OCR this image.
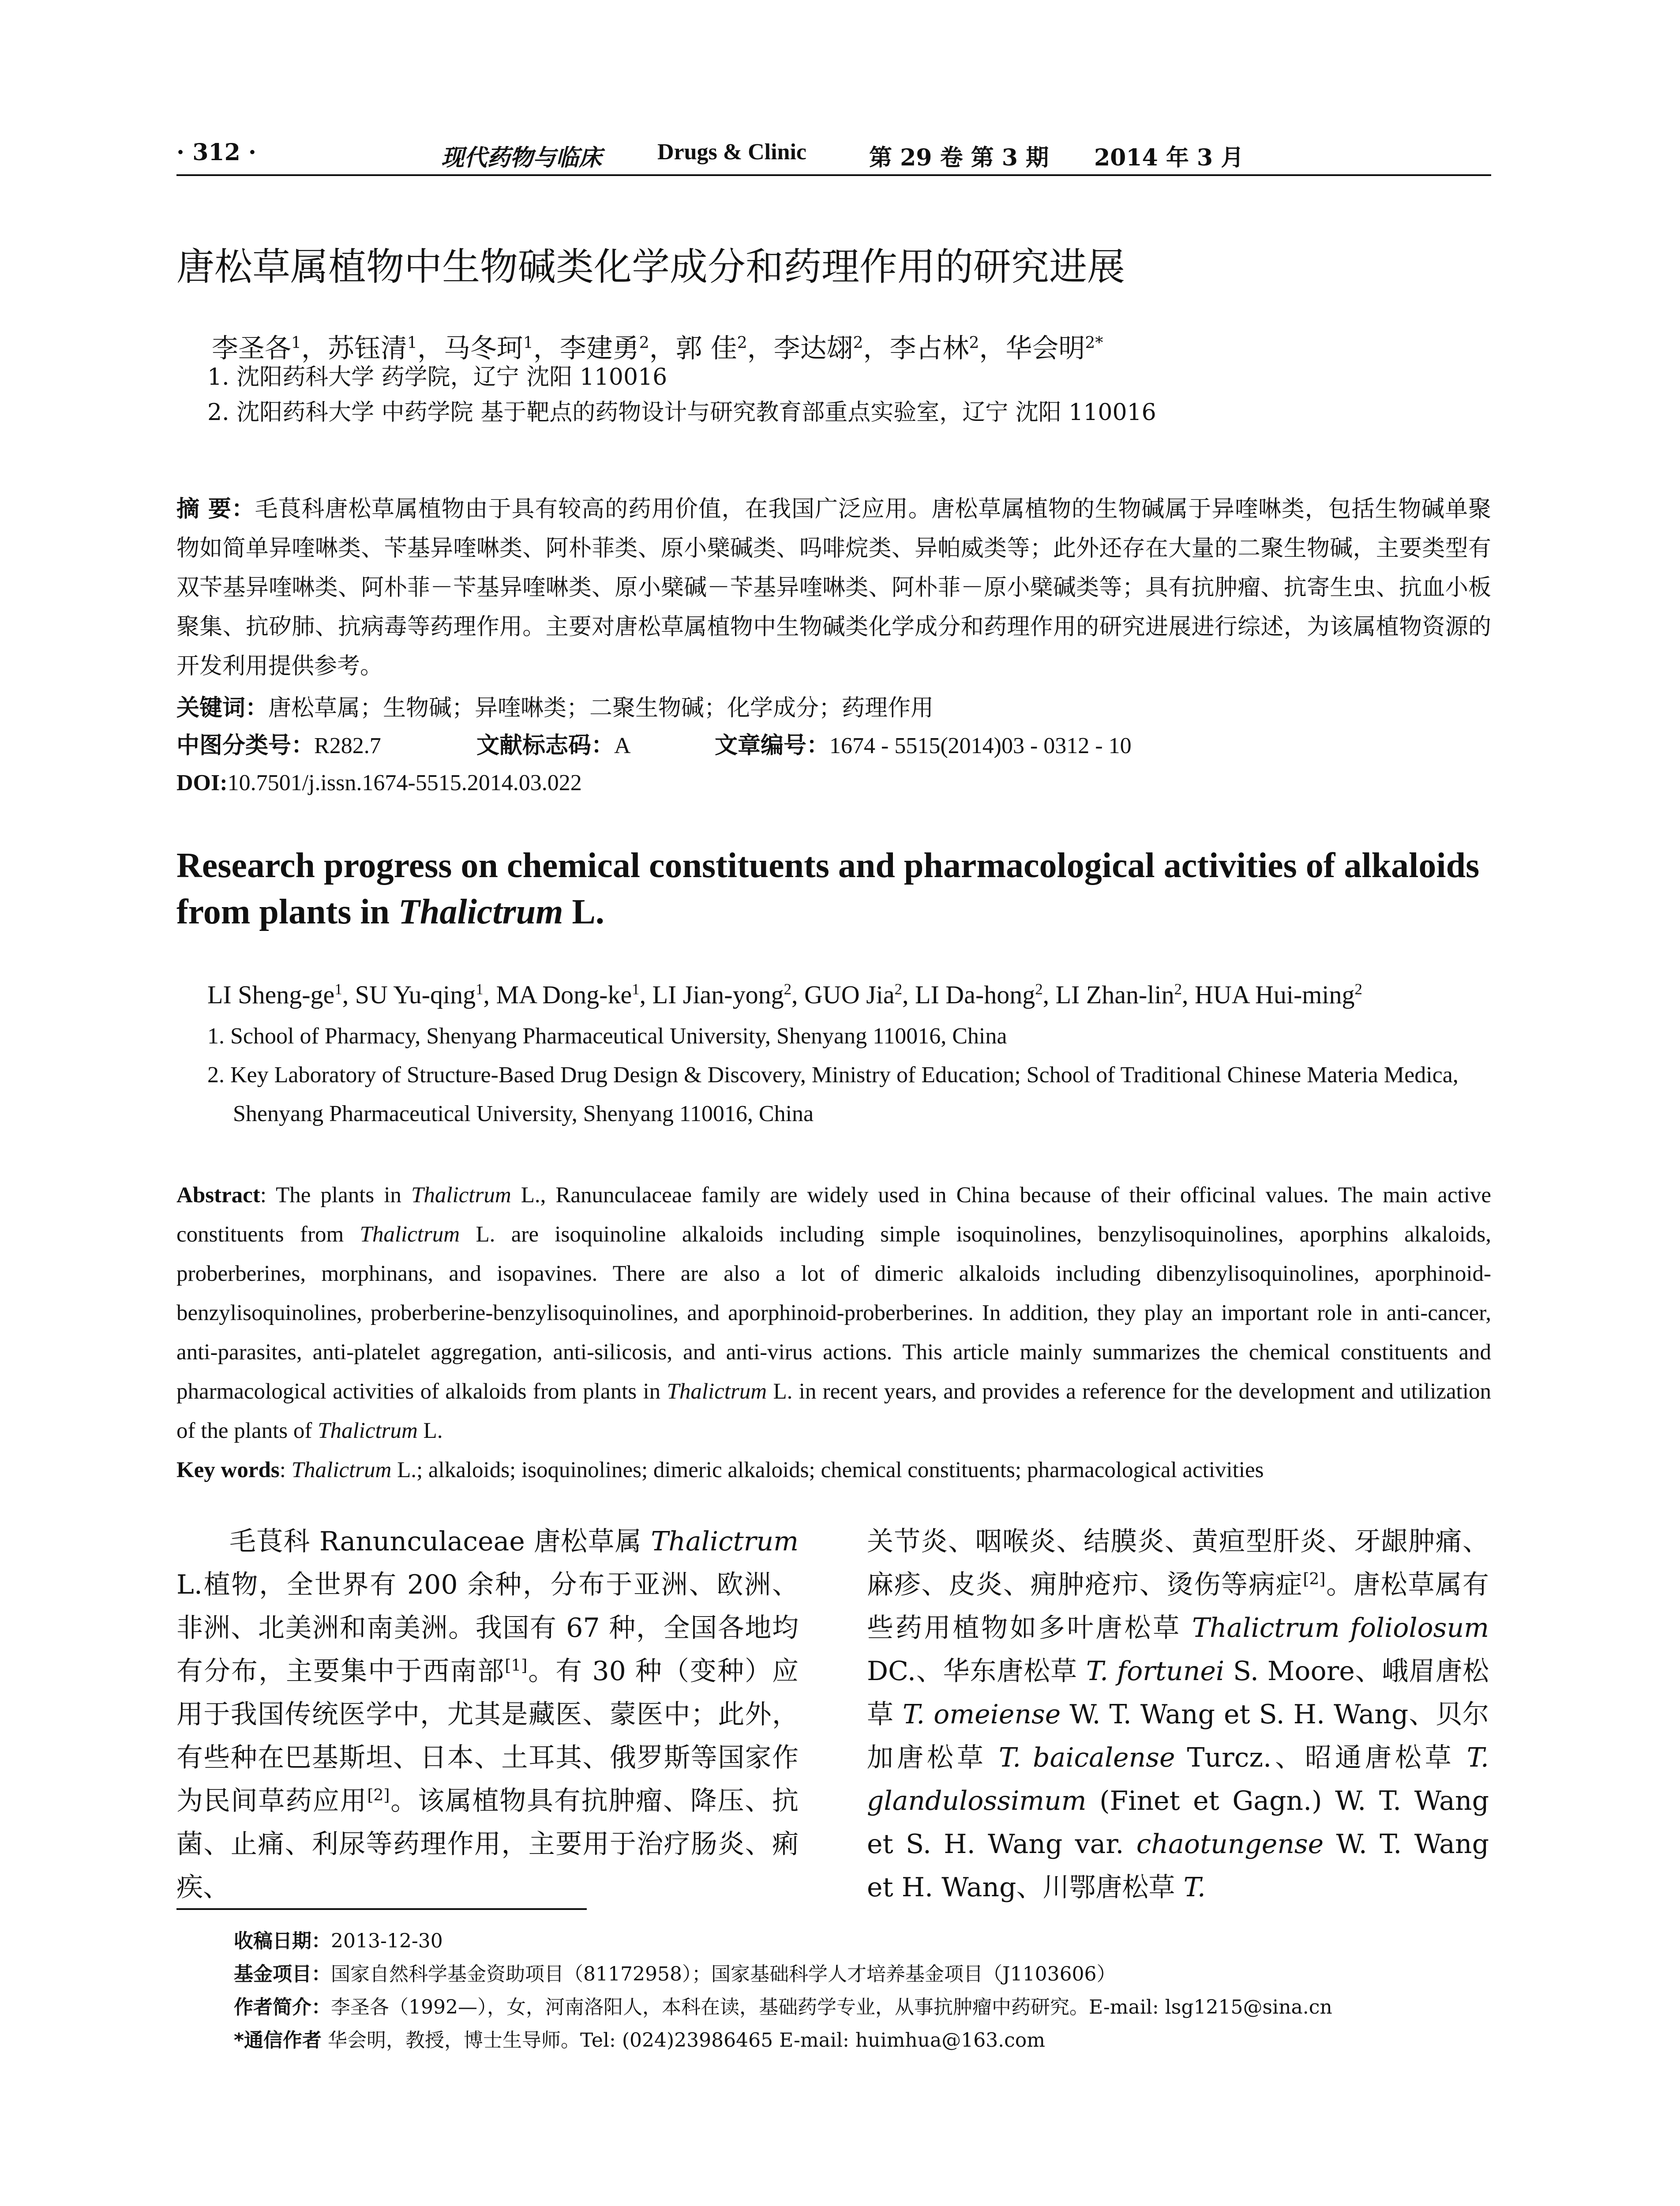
· 312 ·	现代药物与临床 Drugs & Clinic	第 29 卷 第 3 期 2014 年 3 月
唐松草属植物中生物碱类化学成分和药理作用的研究进展
李圣各$^1$，苏钰清$^1$，马冬珂$^1$，李建勇$^2$，郭 佳$^2$，李达翃$^2$，李占林$^2$，华会明$^{2*}$
1. 沈阳药科大学 药学院，辽宁 沈阳 110016
2. 沈阳药科大学 中药学院 基于靶点的药物设计与研究教育部重点实验室，辽宁 沈阳 110016
摘 要：毛茛科唐松草属植物由于具有较高的药用价值，在我国广泛应用。唐松草属植物的生物碱属于异喹啉类，包括生物碱单聚物如简单异喹啉类、苄基异喹啉类、阿朴菲类、原小檗碱类、吗啡烷类、异帕威类等；此外还存在大量的二聚生物碱，主要类型有双苄基异喹啉类、阿朴菲－苄基异喹啉类、原小檗碱－苄基异喹啉类、阿朴菲－原小檗碱类等；具有抗肿瘤、抗寄生虫、抗血小板聚集、抗矽肺、抗病毒等药理作用。主要对唐松草属植物中生物碱类化学成分和药理作用的研究进展进行综述，为该属植物资源的开发利用提供参考。
关键词：唐松草属；生物碱；异喹啉类；二聚生物碱；化学成分；药理作用
中图分类号：R282.7	文献标志码：A	文章编号：1674 - 5515(2014)03 - 0312 - 10
DOI:10.7501/j.issn.1674-5515.2014.03.022
Research progress on chemical constituents and pharmacological activities of alkaloids from plants in Thalictrum L.
LI Sheng-$ge^1$, SU Yu-qing$^1$, MA Dong-$ke^1$, LI Jian-yong$^2$, GUO Jia$^2$, LI Da-hong$^2$, LI Zhan-lin$^2$, HUA Hui-ming$^2$
1. School of Pharmacy, Shenyang Pharmaceutical University, Shenyang 110016, China
2. Key Laboratory of Structure-Based Drug Design & Discovery, Ministry of Education; School of Traditional Chinese Materia Medica, Shenyang Pharmaceutical University, Shenyang 110016, China
Abstract: The plants in Thalictrum L., Ranunculaceae family are widely used in China because of their officinal values. The main active constituents from Thalictrum L. are isoquinoline alkaloids including simple isoquinolines, benzylisoquinolines, aporphins alkaloids, proberberines, morphinans, and isopavines. There are also a lot of dimeric alkaloids including dibenzylisoquinolines, aporphinoid-benzylisoquinolines, proberberine-benzylisoquinolines, and aporphinoid-proberberines. In addition, they play an important role in anti-cancer, anti-parasites, anti-platelet aggregation, anti-silicosis, and anti-virus actions. This article mainly summarizes the chemical constituents and pharmacological activities of alkaloids from plants in Thalictrum L. in recent years, and provides a reference for the development and utilization of the plants of Thalictrum L.
Key words: Thalictrum L.; alkaloids; isoquinolines; dimeric alkaloids; chemical constituents; pharmacological activities

毛茛科 Ranunculaceae 唐松草属 Thalictrum L.植物，全世界有 200 余种，分布于亚洲、欧洲、非洲、北美洲和南美洲。我国有 67 种，全国各地均有分布，主要集中于西南部[1]。有 30 种（变种）应用于我国传统医学中，尤其是藏医、蒙医中；此外，有些种在巴基斯坦、日本、土耳其、俄罗斯等国家作为民间草药应用[2]。该属植物具有抗肿瘤、降压、抗菌、止痛、利尿等药理作用，主要用于治疗肠炎、痢疾、

关节炎、咽喉炎、结膜炎、黄疸型肝炎、牙龈肿痛、麻疹、皮炎、痈肿疮疖、烫伤等病症[2]。唐松草属有些药用植物如多叶唐松草 Thalictrum foliolosum DC.、华东唐松草 T. fortunei S. Moore、峨眉唐松草 T. omeiense W. T. Wang et S. H. Wang、贝尔加唐松草 T. baicalense Turcz.、昭通唐松草 T. glandulossimum (Finet et Gagn.) W. T. Wang et S. H. Wang var. chaotungense W. T. Wang et H. Wang、川鄂唐松草 T.

收稿日期：2013-12-30
基金项目：国家自然科学基金资助项目（81172958）；国家基础科学人才培养基金项目（J1103606）
作者简介：李圣各（1992—），女，河南洛阳人，本科在读，基础药学专业，从事抗肿瘤中药研究。E-mail: lsg1215@sina.cn
*通信作者 华会明，教授，博士生导师。Tel: (024)23986465 E-mail: huimhua@163.com
